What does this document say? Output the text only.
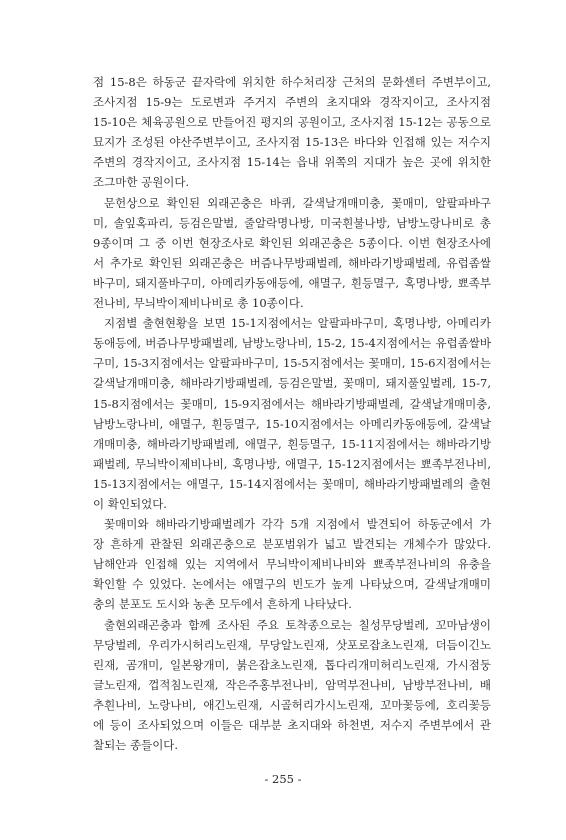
점 15-8은 하동군 끝자락에 위치한 하수처리장 근처의 문화센터 주변부이고,
조사지점 15-9는 도로변과 주거지 주변의 초지대와 경작지이고, 조사지점
15-10은 체육공원으로 만들어진 평지의 공원이고, 조사지점 15-12는 공동으로
묘지가 조성된 야산주변부이고, 조사지점 15-13은 바다와 인접해 있는 저수지
주변의 경작지이고, 조사지점 15-14는 읍내 위쪽의 지대가 높은 곳에 위치한
조그마한 공원이다.
문헌상으로 확인된 외래곤충은 바퀴, 갈색날개매미충, 꽃매미, 알팔파바구
미, 솔잎혹파리, 등검은말벌, 줄알락명나방, 미국흰불나방, 남방노랑나비로 총
9종이며 그 중 이번 현장조사로 확인된 외래곤충은 5종이다. 이번 현장조사에
서 추가로 확인된 외래곤충은 버즘나무방패벌레, 해바라기방패벌레, 유럽좀쌀
바구미, 돼지풀바구미, 아메리카동애등에, 애멸구, 흰등멸구, 혹명나방, 뾰족부
전나비, 무늬박이제비나비로 총 10종이다.
지점별 출현현황을 보면 15-1지점에서는 알팔파바구미, 혹명나방, 아메리카
동애등에, 버즘나무방패벌레, 남방노랑나비, 15-2, 15-4지점에서는 유럽좀쌀바
구미, 15-3지점에서는 알팔파바구미, 15-5지점에서는 꽃매미, 15-6지점에서는
갈색날개매미충, 해바라기방패벌레, 등검은말벌, 꽃매미, 돼지풀잎벌레, 15-7,
15-8지점에서는 꽃매미, 15-9지점에서는 해바라기방패벌레, 갈색날개매미충,
남방노랑나비, 애멸구, 흰등멸구, 15-10지점에서는 아메리카동애등에, 갈색날
개매미충, 해바라기방패벌레, 애멸구, 흰등멸구, 15-11지점에서는 해바라기방
패벌레, 무늬박이제비나비, 혹명나방, 애멸구, 15-12지점에서는 뾰족부전나비,
15-13지점에서는 애멸구, 15-14지점에서는 꽃매미, 해바라기방패벌레의 출현
이 확인되었다.
꽃매미와 해바라기방패벌레가 각각 5개 지점에서 발견되어 하동군에서 가
장 흔하게 관찰된 외래곤충으로 분포범위가 넓고 발견되는 개체수가 많았다.
남해안과 인접해 있는 지역에서 무늬박이제비나비와 뾰족부전나비의 유충을
확인할 수 있었다. 논에서는 애멸구의 빈도가 높게 나타났으며, 갈색날개매미
충의 분포도 도시와 농촌 모두에서 흔하게 나타났다.
출현외래곤충과 함께 조사된 주요 토착종으로는 칠성무당벌레, 꼬마남생이
무당벌레, 우리가시허리노린재, 무당알노린재, 삿포로잡초노린재, 더듬이긴노
린재, 곰개미, 일본왕개미, 붉은잡초노린재, 톱다리개미허리노린재, 가시점둥
글노린재, 껍적침노린재, 작은주홍부전나비, 암먹부전나비, 남방부전나비, 배
추흰나비, 노랑나비, 애긴노린재, 시골허리가시노린재, 꼬마꽃등에, 호리꽃등
에 등이 조사되었으며 이들은 대부분 초지대와 하천변, 저수지 주변부에서 관
찰되는 종들이다.
- 255 -
